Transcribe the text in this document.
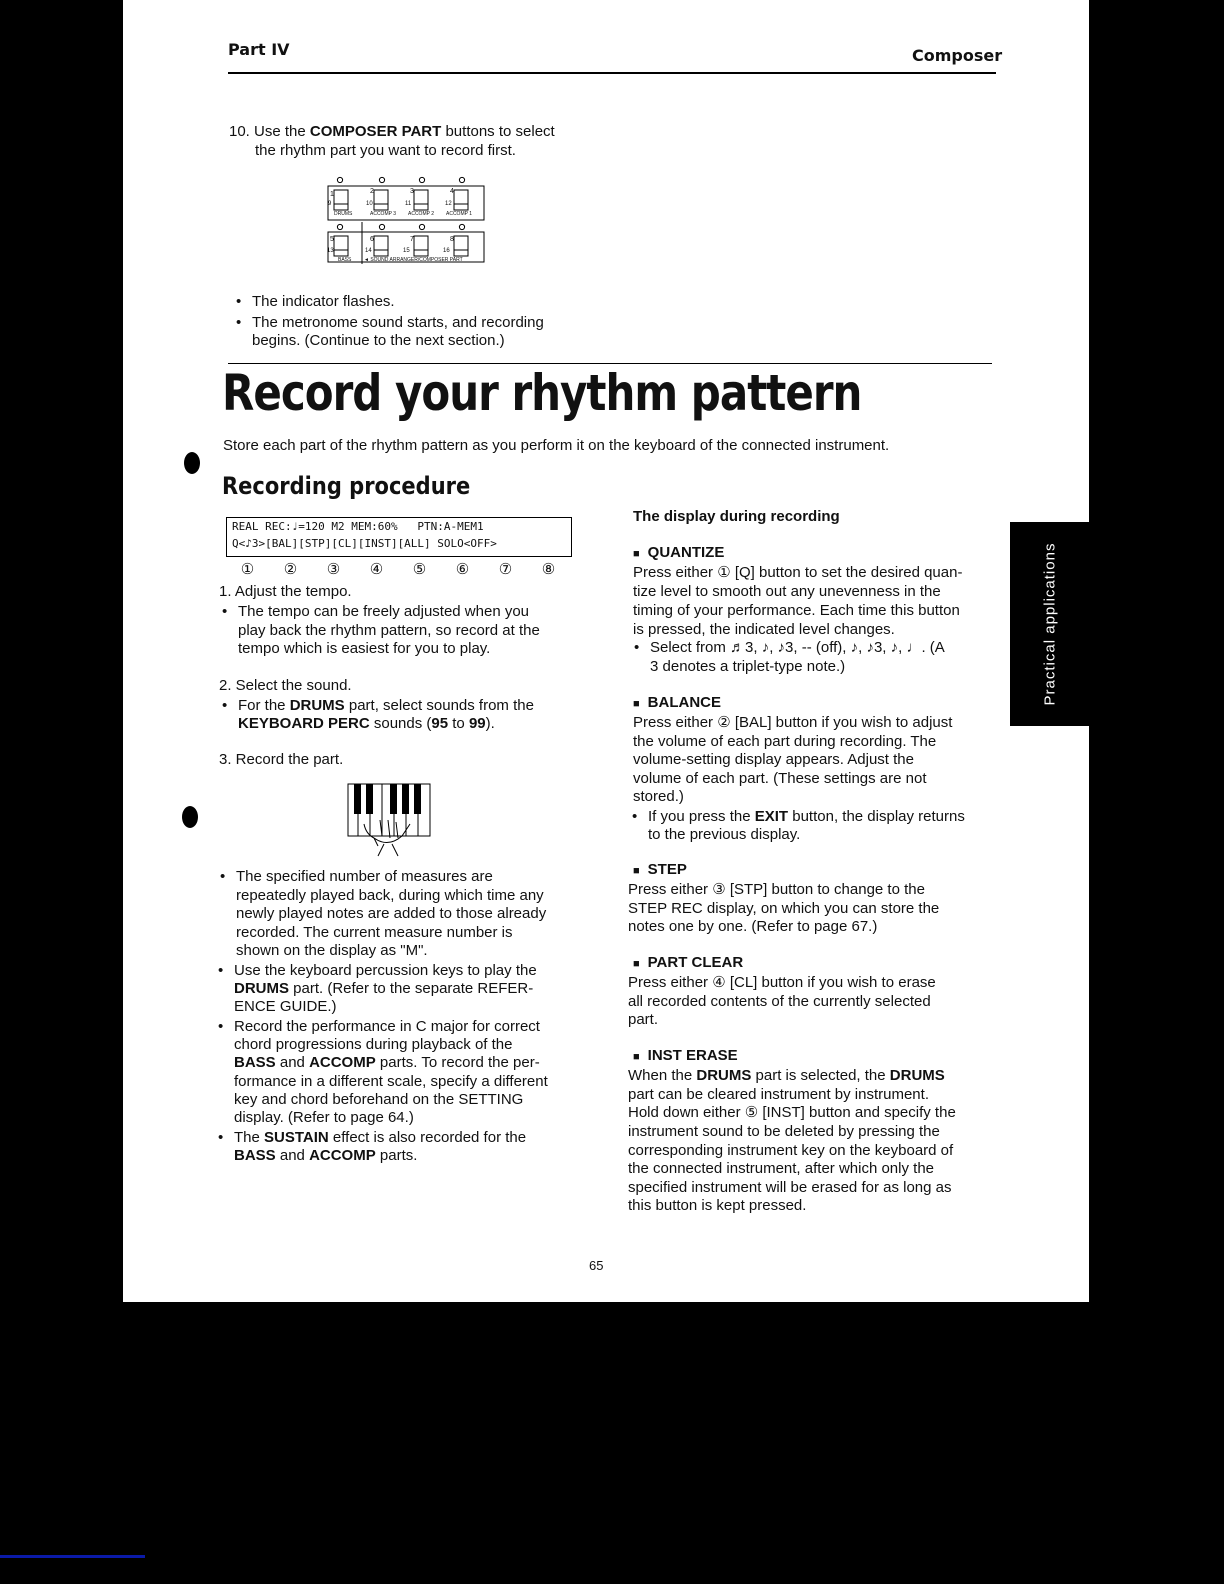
Part IV	Composer
10. Use the COMPOSER PART buttons to select
the rhythm part you want to record first.
1	2	3	4
9	10	11	12
DRUMS	ACCOMP 3 ACCOMP 2 ACCOMP 1
5	6	7	8
13	14	15	16
BASS	◄ SOUND ARRANGER/COMPOSER PART
• The indicator flashes.
• The metronome sound starts, and recording
begins. (Continue to the next section.)
Record your rhythm pattern
Store each part of the rhythm pattern as you perform it on the keyboard of the connected instrument.
Recording procedure
REAL REC:♩=120 M2 MEM:60%   PTN:A-MEM1
Q<♪3>[BAL][STP][CL][INST][ALL] SOLO<OFF>
① ② ③ ④ ⑤ ⑥ ⑦ ⑧
1. Adjust the tempo.
• The tempo can be freely adjusted when you
play back the rhythm pattern, so record at the
tempo which is easiest for you to play.
2. Select the sound.
• For the DRUMS part, select sounds from the
KEYBOARD PERC sounds (95 to 99).
3. Record the part.
• The specified number of measures are
repeatedly played back, during which time any
newly played notes are added to those already
recorded. The current measure number is
shown on the display as "M".
• Use the keyboard percussion keys to play the
DRUMS part. (Refer to the separate REFER-
ENCE GUIDE.)
• Record the performance in C major for correct
chord progressions during playback of the
BASS and ACCOMP parts. To record the per-
formance in a different scale, specify a different
key and chord beforehand on the SETTING
display. (Refer to page 64.)
• The SUSTAIN effect is also recorded for the
BASS and ACCOMP parts.
The display during recording
■ QUANTIZE
Press either ① [Q] button to set the desired quan-
tize level to smooth out any unevenness in the
timing of your performance. Each time this button
is pressed, the indicated level changes.
• Select from ♬3, ♪, ♪3, -- (off), ♪, ♪3, ♪, ♩. (A
3 denotes a triplet-type note.)
■ BALANCE
Press either ② [BAL] button if you wish to adjust
the volume of each part during recording. The
volume-setting display appears. Adjust the
volume of each part. (These settings are not
stored.)
• If you press the EXIT button, the display returns
to the previous display.
■ STEP
Press either ③ [STP] button to change to the
STEP REC display, on which you can store the
notes one by one. (Refer to page 67.)
■ PART CLEAR
Press either ④ [CL] button if you wish to erase
all recorded contents of the currently selected
part.
■ INST ERASE
When the DRUMS part is selected, the DRUMS
part can be cleared instrument by instrument.
Hold down either ⑤ [INST] button and specify the
instrument sound to be deleted by pressing the
corresponding instrument key on the keyboard of
the connected instrument, after which only the
specified instrument will be erased for as long as
this button is kept pressed.
Practical applications
65
